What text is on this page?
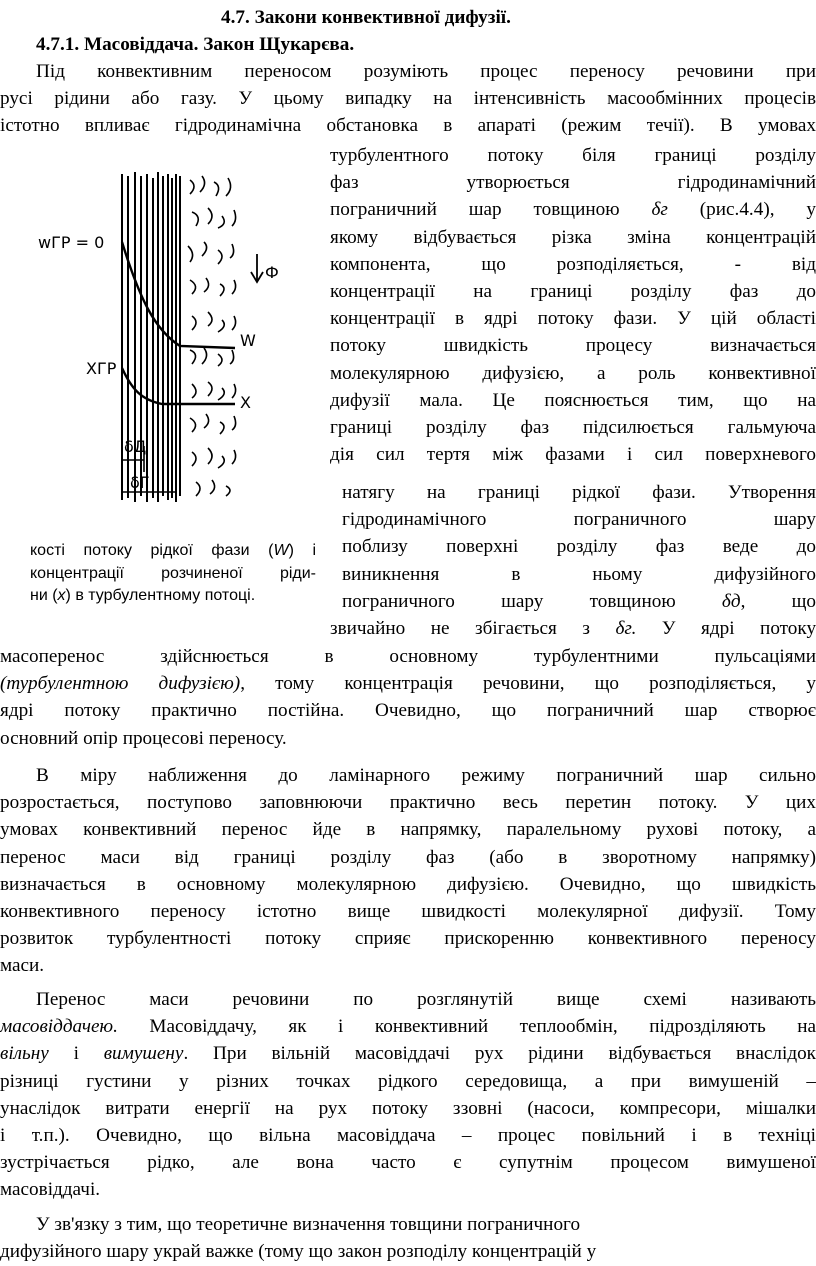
4.7. Закони конвективної дифузії.

4.7.1. Масовіддача. Закон Щукарєва.

Під конвективним переносом розуміють процес переносу речовини при
русі рідини або газу. У цьому випадку на інтенсивність масообмінних процесів
істотно впливає гідродинамічна обстановка в апараті (режим течії). В умовах
турбулентного потоку біля границі розділу
фаз утворюється гідродинамічний
пограничний шар товщиною δг (рис.4.4), у
якому відбувається різка зміна концентрацій
компонента, що розподіляється, - від
концентрації на границі розділу фаз до
концентрації в ядрі потоку фази. У цій області
потоку швидкість процесу визначається
молекулярною дифузією, а роль конвективної
дифузії мала. Це пояснюється тим, що на
границі розділу фаз підсилюється гальмуюча
дія сил тертя між фазами і сил поверхневого
натягу на границі рідкої фази. Утворення
гідродинамічного пограничного шару
поблизу поверхні розділу фаз веде до
виникнення в ньому дифузійного
пограничного шару товщиною δд, що
звичайно не збігається з δг. У ядрі потоку
масоперенос здійснюється в основному турбулентними пульсаціями
(турбулентною дифузією), тому концентрація речовини, що розподіляється, у
ядрі потоку практично постійна. Очевидно, що пограничний шар створює
основний опір процесові переносу.
В міру наближення до ламінарного режиму пограничний шар сильно
розростається, поступово заповнюючи практично весь перетин потоку. У цих
умовах конвективний перенос йде в напрямку, паралельному рухові потоку, а
перенос маси від границі розділу фаз (або в зворотному напрямку)
визначається в основному молекулярною дифузією. Очевидно, що швидкість
конвективного переносу істотно вище швидкості молекулярної дифузії. Тому
розвиток турбулентності потоку сприяє прискоренню конвективного переносу
маси.
Перенос маси речовини по розглянутій вище схемі називають
масовіддачею. Масовіддачу, як і конвективний теплообмін, підрозділяють на
вільну і вимушену. При вільній масовіддачі рух рідини відбувається внаслідок
різниці густини у різних точках рідкого середовища, а при вимушеній –
унаслідок витрати енергії на рух потоку ззовні (насоси, компресори, мішалки
і т.п.). Очевидно, що вільна масовіддача – процес повільний і в техніці
зустрічається рідко, але вона часто є супутнім процесом вимушеної
масовіддачі.
У зв'язку з тим, що теоретичне визначення товщини пограничного
дифузійного шару украй важке (тому що закон розподілу концентрацій у
wГР = 0
Ф
W
XГР
X
δД
δГ
кості потоку рідкої фази (W) і
концентрації розчиненої ріди-
ни (x) в турбулентному потоці.
